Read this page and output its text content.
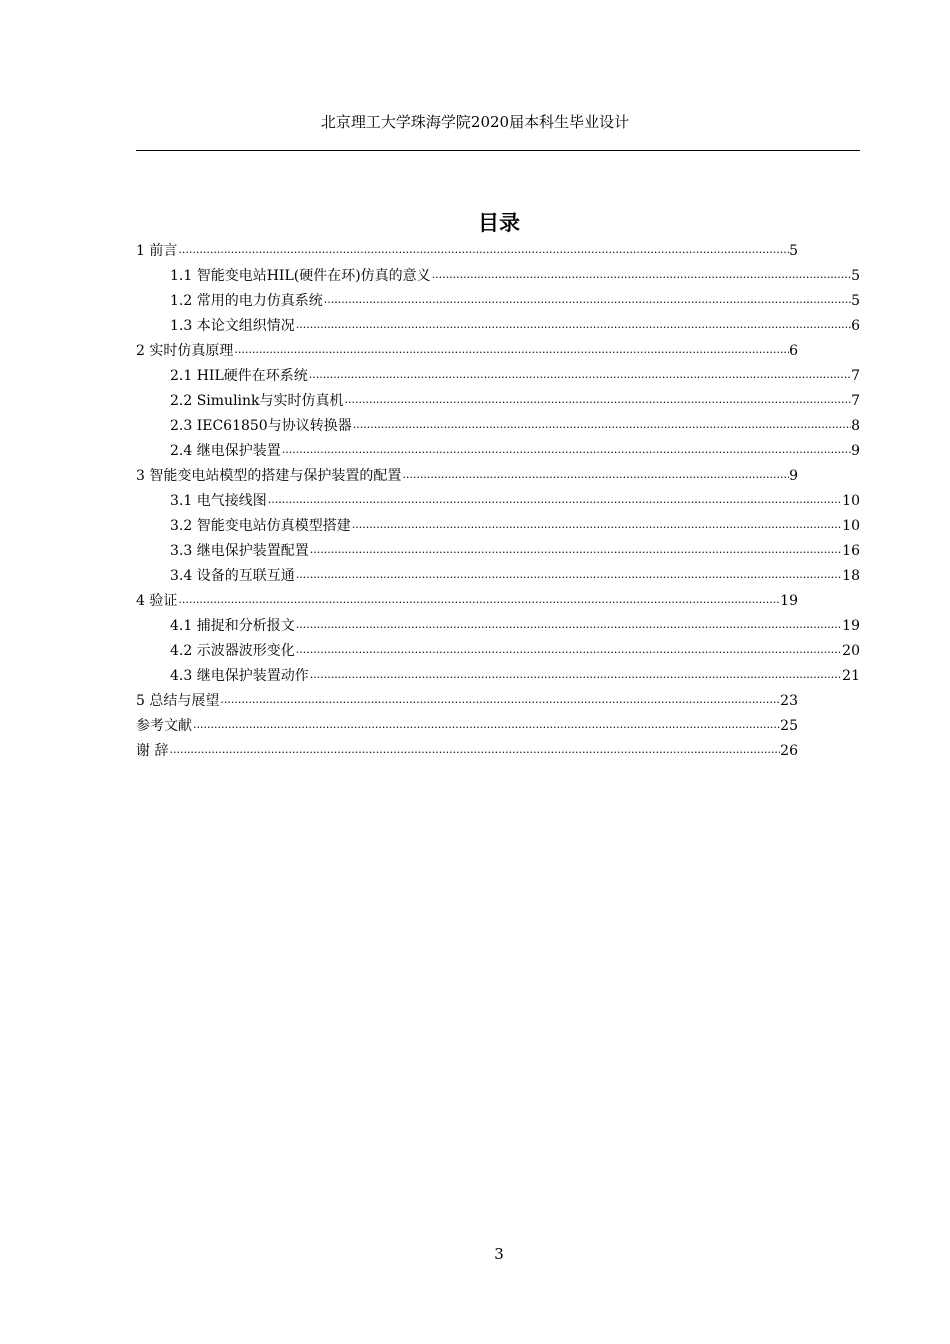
北京理工大学珠海学院2020届本科生毕业设计
目录
1 前言 .....	5
1.1 智能变电站HIL(硬件在环)仿真的意义 .....	5
1.2 常用的电力仿真系统 .....	5
1.3 本论文组织情况 .....	6
2 实时仿真原理 .....	6
2.1 HIL硬件在环系统 .....	7
2.2 Simulink与实时仿真机 .....	7
2.3 IEC61850与协议转换器 .....	8
2.4 继电保护装置 .....	9
3 智能变电站模型的搭建与保护装置的配置 .....	9
3.1 电气接线图 .....	10
3.2 智能变电站仿真模型搭建 .....	10
3.3 继电保护装置配置 .....	16
3.4 设备的互联互通 .....	18
4 验证 .....	19
4.1 捕捉和分析报文 .....	19
4.2 示波器波形变化 .....	20
4.3 继电保护装置动作 .....	21
5 总结与展望 .....	23
参考文献 .....	25
谢 辞 .....	26
3
